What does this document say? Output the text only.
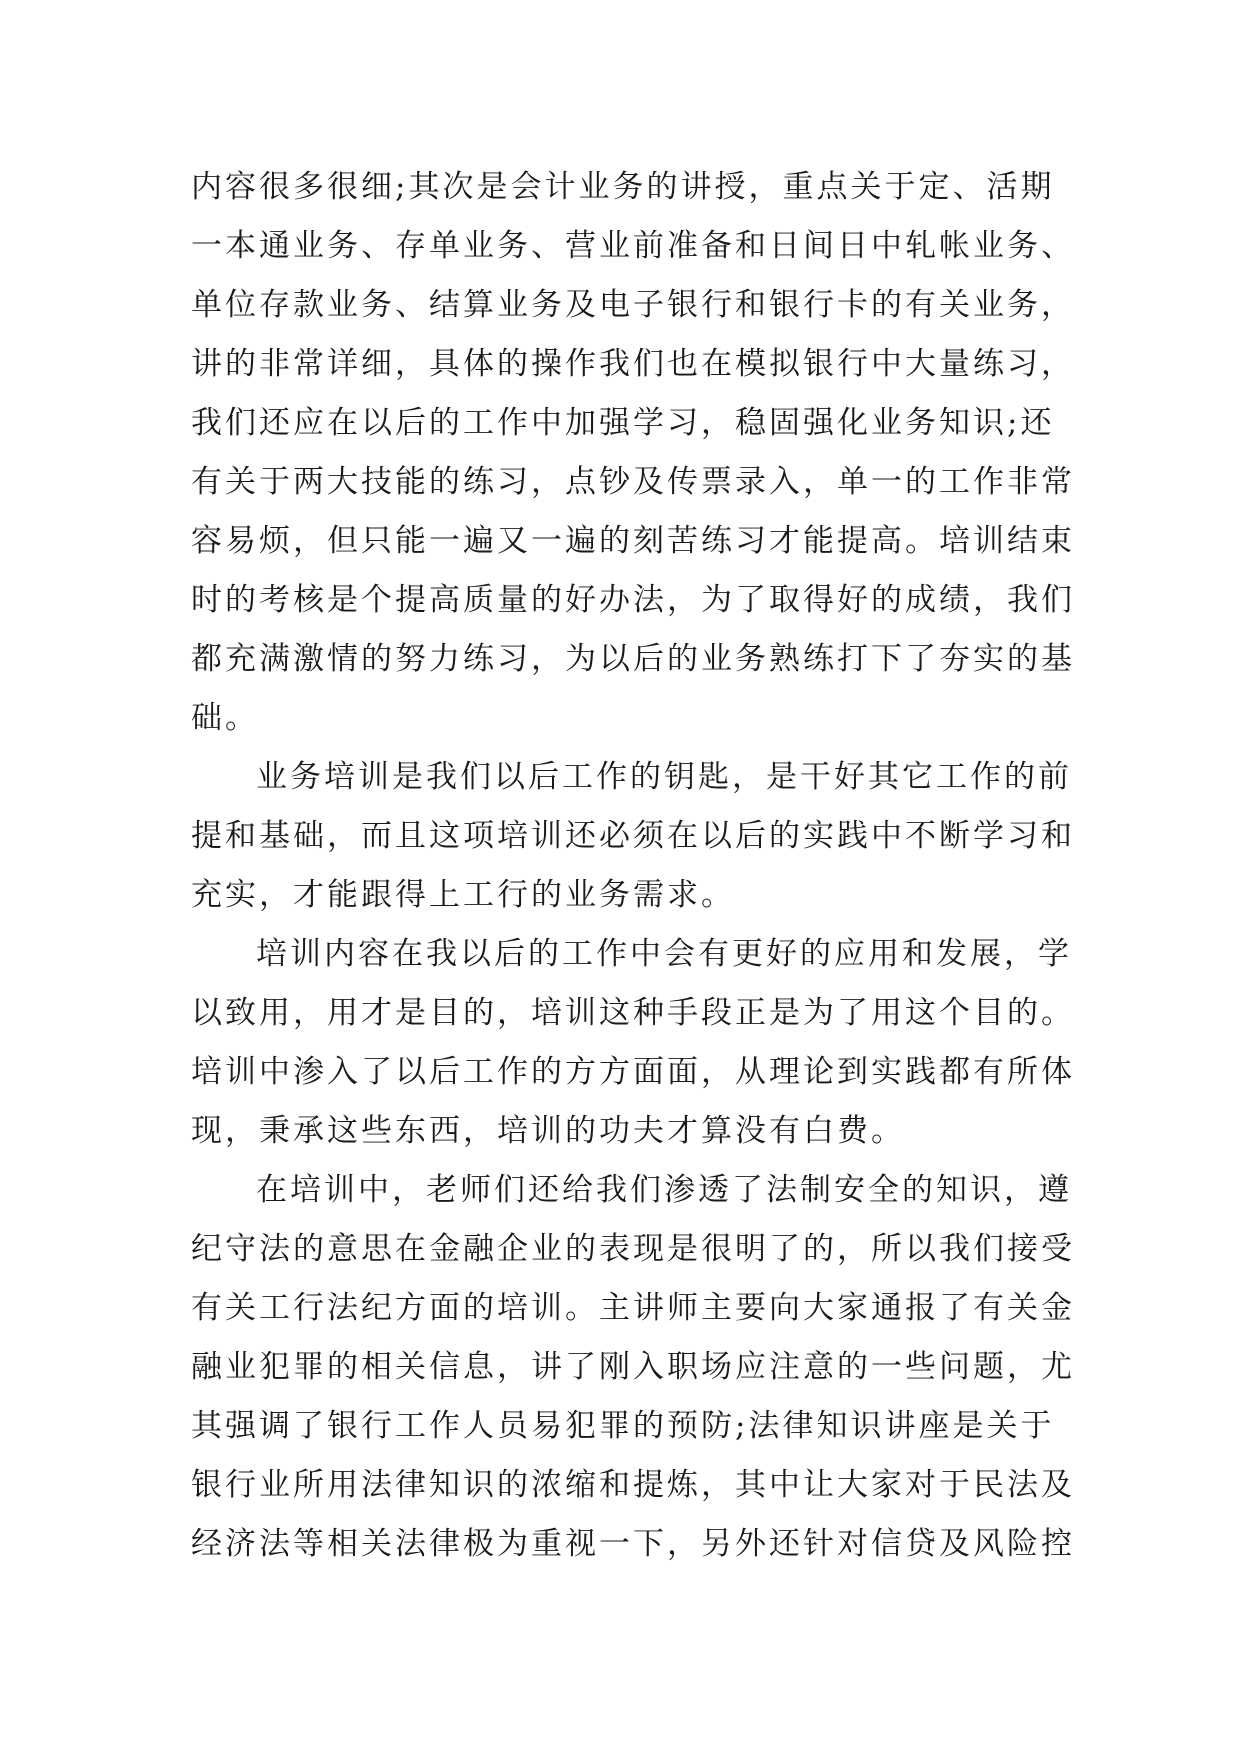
内容很多很细;其次是会计业务的讲授，重点关于定、活期
一本通业务、存单业务、营业前准备和日间日中轧帐业务、
单位存款业务、结算业务及电子银行和银行卡的有关业务，
讲的非常详细，具体的操作我们也在模拟银行中大量练习，
我们还应在以后的工作中加强学习，稳固强化业务知识;还
有关于两大技能的练习，点钞及传票录入，单一的工作非常
容易烦，但只能一遍又一遍的刻苦练习才能提高。培训结束
时的考核是个提高质量的好办法，为了取得好的成绩，我们
都充满激情的努力练习，为以后的业务熟练打下了夯实的基
础。
业务培训是我们以后工作的钥匙，是干好其它工作的前
提和基础，而且这项培训还必须在以后的实践中不断学习和
充实，才能跟得上工行的业务需求。
培训内容在我以后的工作中会有更好的应用和发展，学
以致用，用才是目的，培训这种手段正是为了用这个目的。
培训中渗入了以后工作的方方面面，从理论到实践都有所体
现，秉承这些东西，培训的功夫才算没有白费。
在培训中，老师们还给我们渗透了法制安全的知识，遵
纪守法的意思在金融企业的表现是很明了的，所以我们接受
有关工行法纪方面的培训。主讲师主要向大家通报了有关金
融业犯罪的相关信息，讲了刚入职场应注意的一些问题，尤
其强调了银行工作人员易犯罪的预防;法律知识讲座是关于
银行业所用法律知识的浓缩和提炼，其中让大家对于民法及
经济法等相关法律极为重视一下，另外还针对信贷及风险控
